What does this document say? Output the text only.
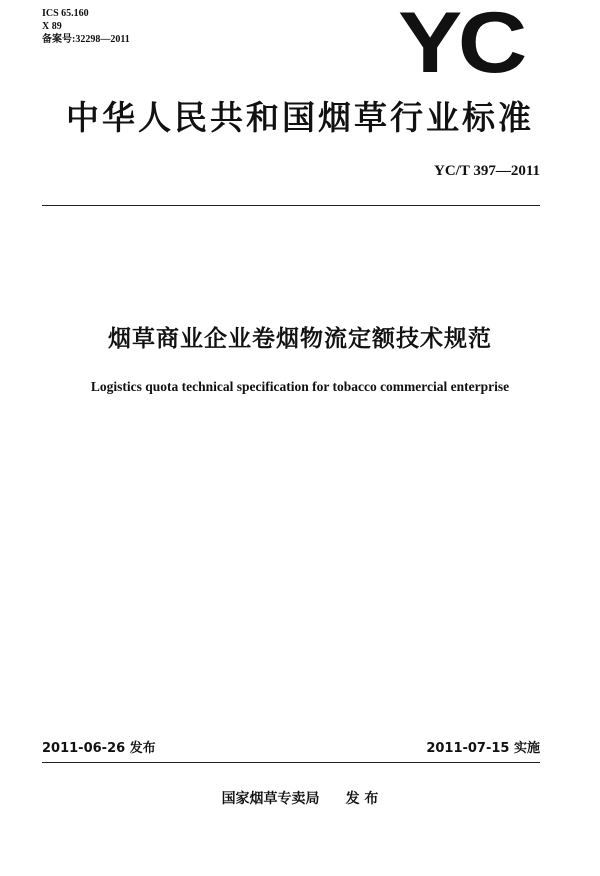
ICS 65.160
X 89
备案号:32298—2011	YC
中华人民共和国烟草行业标准
YC/T 397—2011
烟草商业企业卷烟物流定额技术规范
Logistics quota technical specification for tobacco commercial enterprise
2011-06-26 发布	2011-07-15 实施
国家烟草专卖局 发 布
